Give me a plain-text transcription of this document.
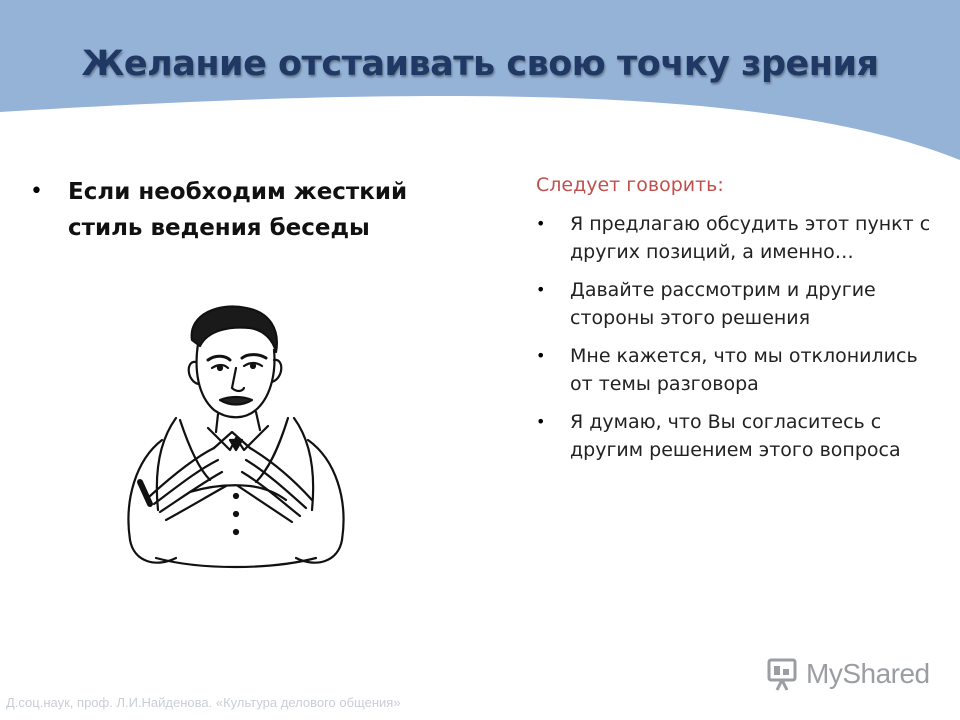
Желание отстаивать свою точку зрения
•	Если необходим жесткий стиль ведения беседы
Следует говорить:
•	Я предлагаю обсудить этот пункт с других позиций, а именно…
•	Давайте рассмотрим и другие стороны этого решения
•	Мне кажется, что мы отклонились от темы разговора
•	Я думаю, что Вы согласитесь с другим решением этого вопроса
Д.соц.наук, проф. Л.И.Найденова. «Культура делового общения»
MyShared
